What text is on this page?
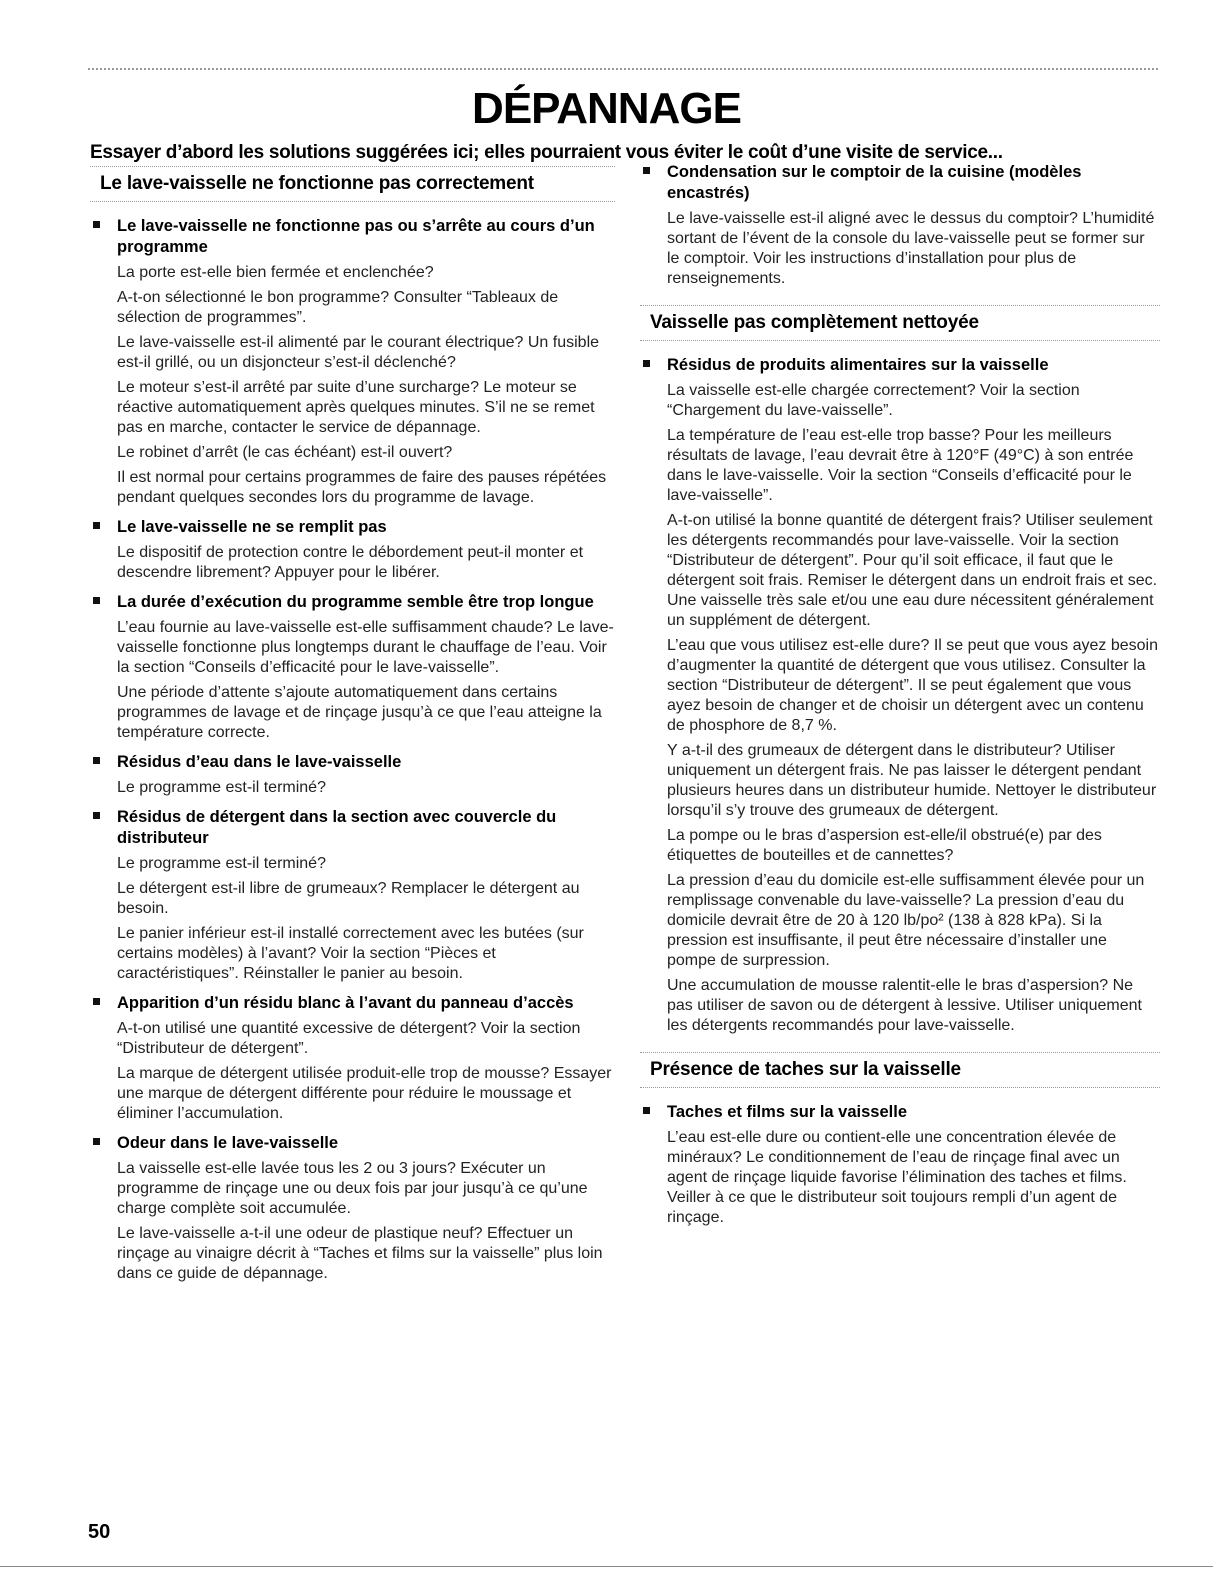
DÉPANNAGE

Essayer d’abord les solutions suggérées ici; elles pourraient vous éviter le coût d’une visite de service...

Le lave-vaisselle ne fonctionne pas correctement
Le lave-vaisselle ne fonctionne pas ou s’arrête au cours d’un programme

La porte est-elle bien fermée et enclenchée?

A-t-on sélectionné le bon programme? Consulter “Tableaux de sélection de programmes”.

Le lave-vaisselle est-il alimenté par le courant électrique? Un fusible est-il grillé, ou un disjoncteur s’est-il déclenché?

Le moteur s’est-il arrêté par suite d’une surcharge? Le moteur se réactive automatiquement après quelques minutes. S’il ne se remet pas en marche, contacter le service de dépannage.

Le robinet d’arrêt (le cas échéant) est-il ouvert?

Il est normal pour certains programmes de faire des pauses répétées pendant quelques secondes lors du programme de lavage.

Le lave-vaisselle ne se remplit pas

Le dispositif de protection contre le débordement peut-il monter et descendre librement? Appuyer pour le libérer.

La durée d’exécution du programme semble être trop longue

L’eau fournie au lave-vaisselle est-elle suffisamment chaude? Le lave-vaisselle fonctionne plus longtemps durant le chauffage de l’eau. Voir la section “Conseils d’efficacité pour le lave-vaisselle”.

Une période d’attente s’ajoute automatiquement dans certains programmes de lavage et de rinçage jusqu’à ce que l’eau atteigne la température correcte.

Résidus d’eau dans le lave-vaisselle

Le programme est-il terminé?

Résidus de détergent dans la section avec couvercle du distributeur

Le programme est-il terminé?

Le détergent est-il libre de grumeaux? Remplacer le détergent au besoin.

Le panier inférieur est-il installé correctement avec les butées (sur certains modèles) à l’avant? Voir la section “Pièces et caractéristiques”. Réinstaller le panier au besoin.

Apparition d’un résidu blanc à l’avant du panneau d’accès

A-t-on utilisé une quantité excessive de détergent? Voir la section “Distributeur de détergent”.

La marque de détergent utilisée produit-elle trop de mousse? Essayer une marque de détergent différente pour réduire le moussage et éliminer l’accumulation.

Odeur dans le lave-vaisselle

La vaisselle est-elle lavée tous les 2 ou 3 jours? Exécuter un programme de rinçage une ou deux fois par jour jusqu’à ce qu’une charge complète soit accumulée.

Le lave-vaisselle a-t-il une odeur de plastique neuf? Effectuer un rinçage au vinaigre décrit à “Taches et films sur la vaisselle” plus loin dans ce guide de dépannage.

Condensation sur le comptoir de la cuisine (modèles encastrés)

Le lave-vaisselle est-il aligné avec le dessus du comptoir? L’humidité sortant de l’évent de la console du lave-vaisselle peut se former sur le comptoir. Voir les instructions d’installation pour plus de renseignements.

Vaisselle pas complètement nettoyée
Résidus de produits alimentaires sur la vaisselle

La vaisselle est-elle chargée correctement? Voir la section “Chargement du lave-vaisselle”.

La température de l’eau est-elle trop basse? Pour les meilleurs résultats de lavage, l’eau devrait être à 120°F (49°C) à son entrée dans le lave-vaisselle. Voir la section “Conseils d’efficacité pour le lave-vaisselle”.

A-t-on utilisé la bonne quantité de détergent frais? Utiliser seulement les détergents recommandés pour lave-vaisselle. Voir la section “Distributeur de détergent”. Pour qu’il soit efficace, il faut que le détergent soit frais. Remiser le détergent dans un endroit frais et sec. Une vaisselle très sale et/ou une eau dure nécessitent généralement un supplément de détergent.

L’eau que vous utilisez est-elle dure? Il se peut que vous ayez besoin d’augmenter la quantité de détergent que vous utilisez. Consulter la section “Distributeur de détergent”. Il se peut également que vous ayez besoin de changer et de choisir un détergent avec un contenu de phosphore de 8,7 %.

Y a-t-il des grumeaux de détergent dans le distributeur? Utiliser uniquement un détergent frais. Ne pas laisser le détergent pendant plusieurs heures dans un distributeur humide. Nettoyer le distributeur lorsqu’il s’y trouve des grumeaux de détergent.

La pompe ou le bras d’aspersion est-elle/il obstrué(e) par des étiquettes de bouteilles et de cannettes?

La pression d’eau du domicile est-elle suffisamment élevée pour un remplissage convenable du lave-vaisselle? La pression d’eau du domicile devrait être de 20 à 120 lb/po² (138 à 828 kPa). Si la pression est insuffisante, il peut être nécessaire d’installer une pompe de surpression.

Une accumulation de mousse ralentit-elle le bras d’aspersion? Ne pas utiliser de savon ou de détergent à lessive. Utiliser uniquement les détergents recommandés pour lave-vaisselle.

Présence de taches sur la vaisselle
Taches et films sur la vaisselle

L’eau est-elle dure ou contient-elle une concentration élevée de minéraux? Le conditionnement de l’eau de rinçage final avec un agent de rinçage liquide favorise l’élimination des taches et films. Veiller à ce que le distributeur soit toujours rempli d’un agent de rinçage.

50
